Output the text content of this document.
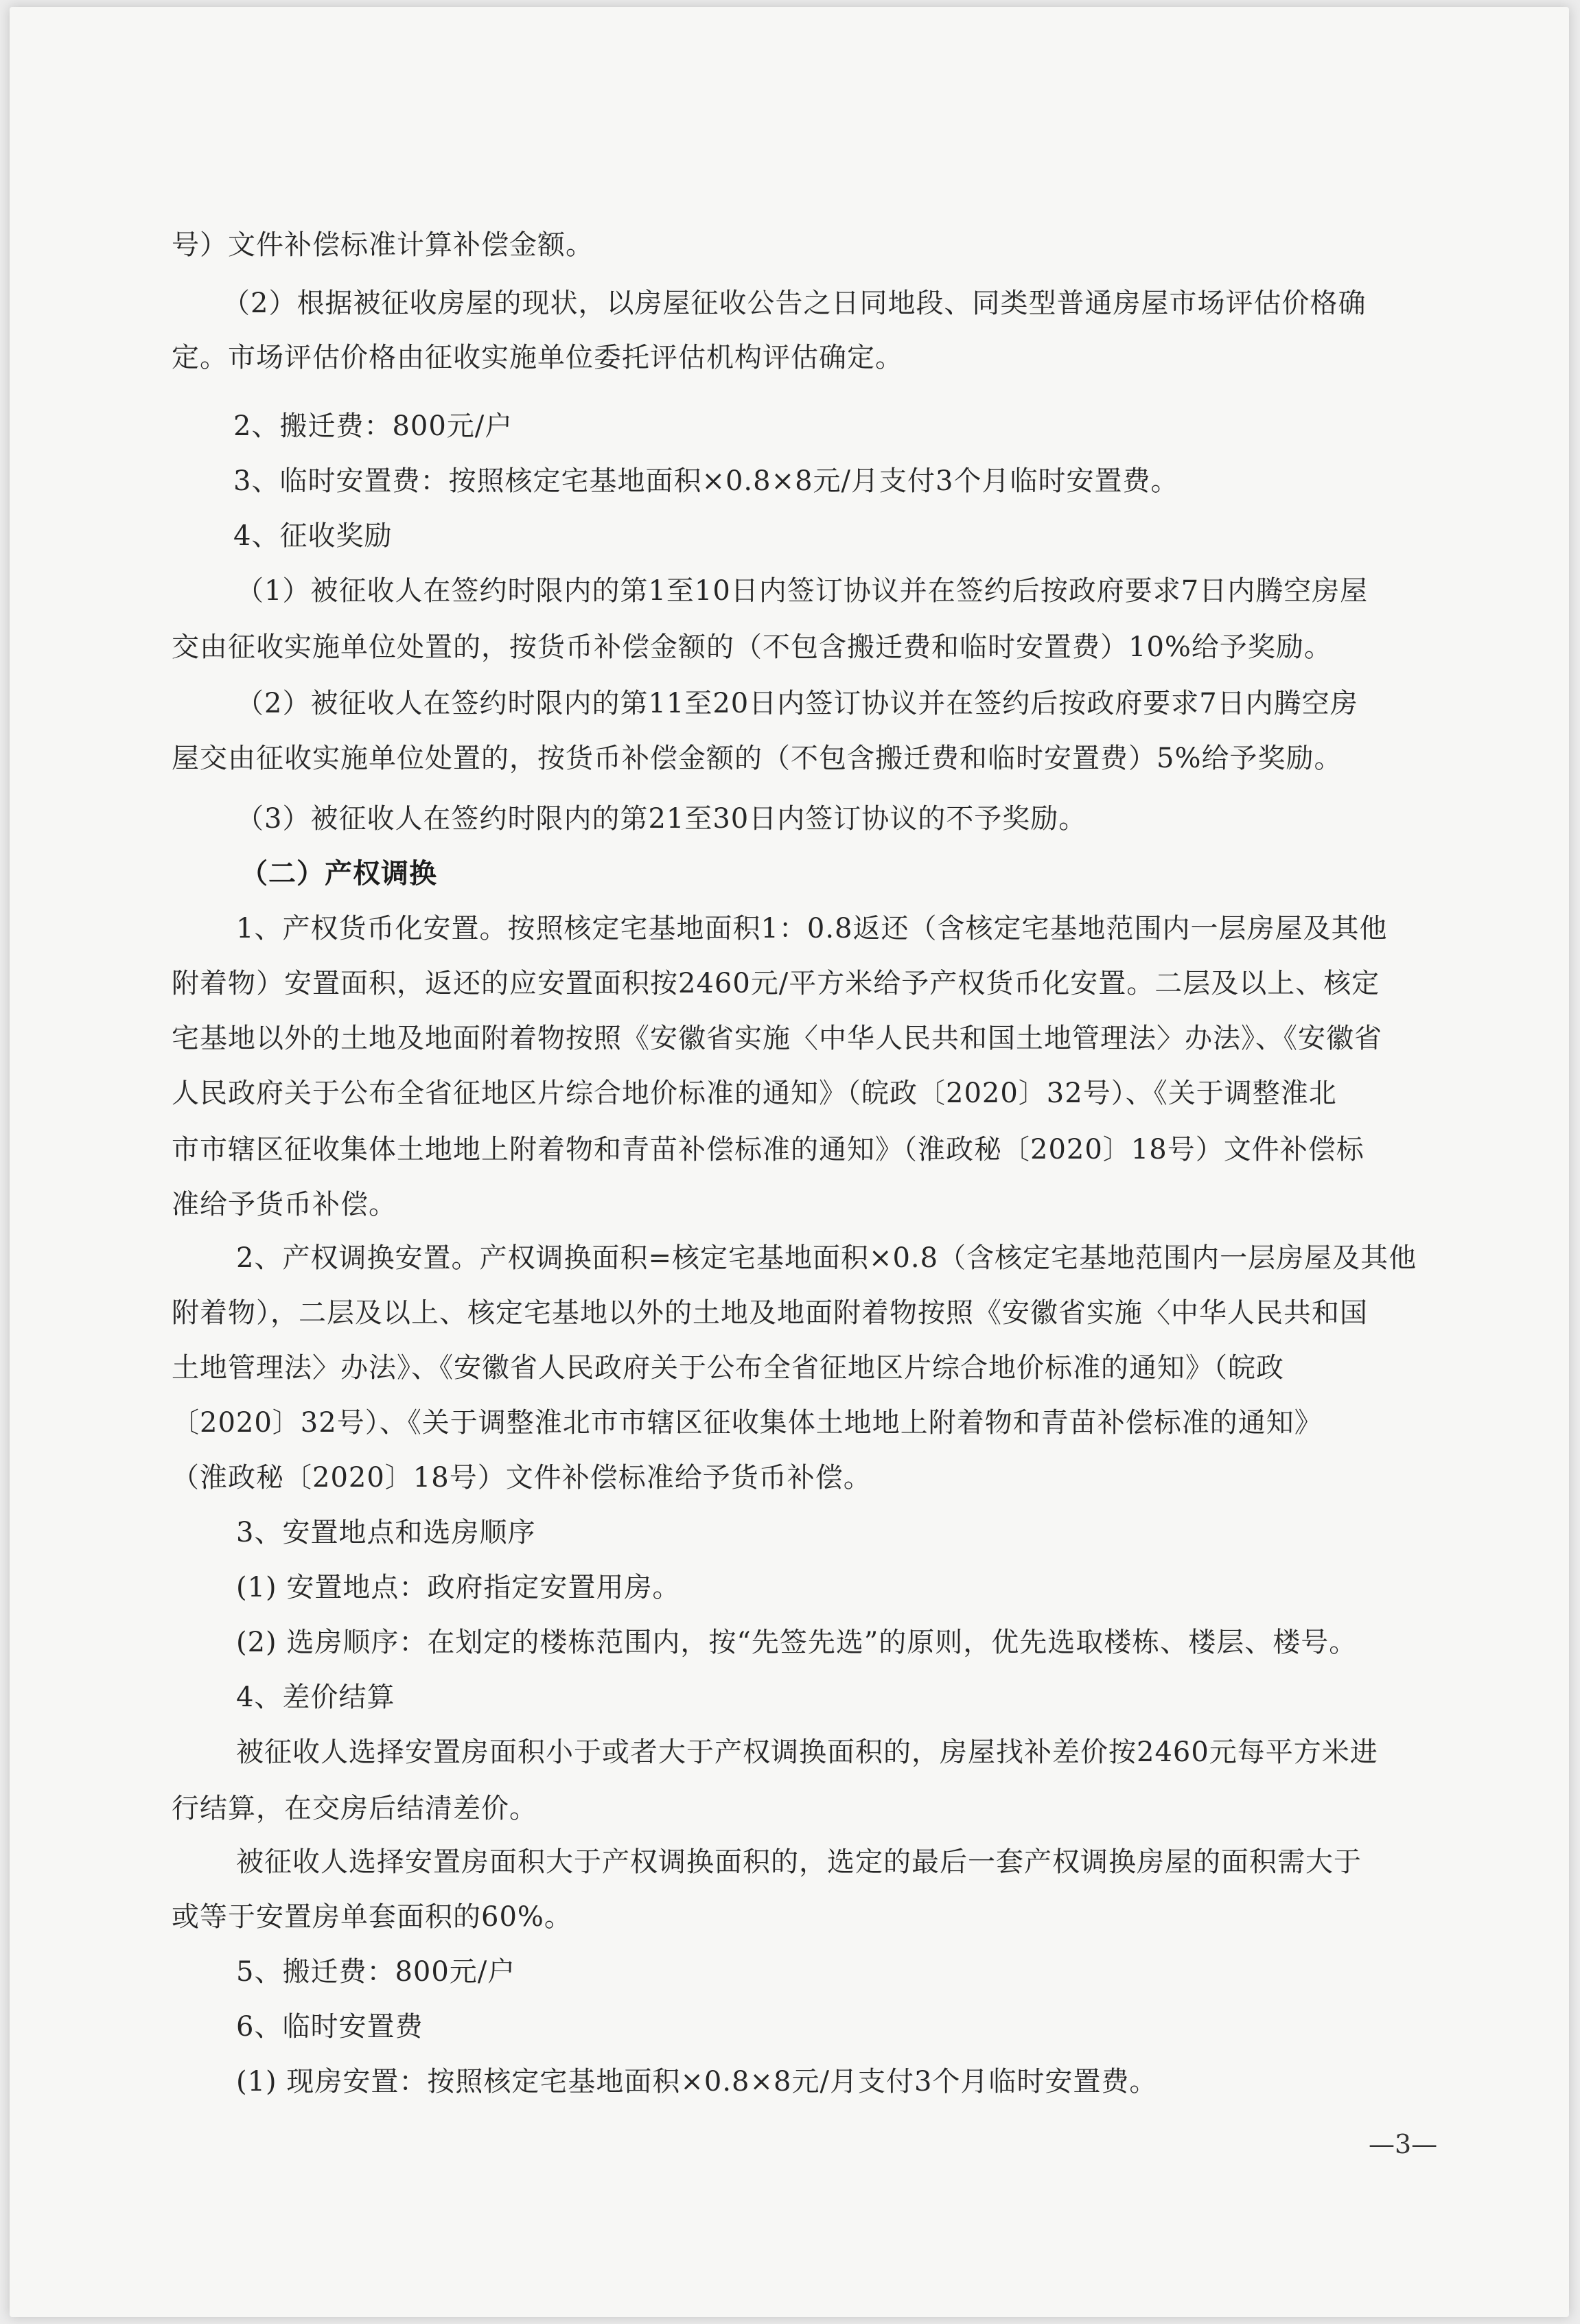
号）文件补偿标准计算补偿金额。
（2）根据被征收房屋的现状，以房屋征收公告之日同地段、同类型普通房屋市场评估价格确
定。市场评估价格由征收实施单位委托评估机构评估确定。
2、搬迁费：800元/户
3、临时安置费：按照核定宅基地面积×0.8×8元/月支付3个月临时安置费。
4、征收奖励
（1）被征收人在签约时限内的第1至10日内签订协议并在签约后按政府要求7日内腾空房屋
交由征收实施单位处置的，按货币补偿金额的（不包含搬迁费和临时安置费）10%给予奖励。
（2）被征收人在签约时限内的第11至20日内签订协议并在签约后按政府要求7日内腾空房
屋交由征收实施单位处置的，按货币补偿金额的（不包含搬迁费和临时安置费）5%给予奖励。
（3）被征收人在签约时限内的第21至30日内签订协议的不予奖励。
（二）产权调换
1、产权货币化安置。按照核定宅基地面积1：0.8返还（含核定宅基地范围内一层房屋及其他
附着物）安置面积，返还的应安置面积按2460元/平方米给予产权货币化安置。二层及以上、核定
宅基地以外的土地及地面附着物按照《安徽省实施〈中华人民共和国土地管理法〉办法》、《安徽省
人民政府关于公布全省征地区片综合地价标准的通知》（皖政〔2020〕32号）、《关于调整淮北
市市辖区征收集体土地地上附着物和青苗补偿标准的通知》（淮政秘〔2020〕18号）文件补偿标
准给予货币补偿。
2、产权调换安置。产权调换面积=核定宅基地面积×0.8（含核定宅基地范围内一层房屋及其他
附着物），二层及以上、核定宅基地以外的土地及地面附着物按照《安徽省实施〈中华人民共和国
土地管理法〉办法》、《安徽省人民政府关于公布全省征地区片综合地价标准的通知》（皖政
〔2020〕32号）、《关于调整淮北市市辖区征收集体土地地上附着物和青苗补偿标准的通知》
（淮政秘〔2020〕18号）文件补偿标准给予货币补偿。
3、安置地点和选房顺序
(1) 安置地点：政府指定安置用房。
(2) 选房顺序：在划定的楼栋范围内，按“先签先选”的原则，优先选取楼栋、楼层、楼号。
4、差价结算
被征收人选择安置房面积小于或者大于产权调换面积的，房屋找补差价按2460元每平方米进
行结算，在交房后结清差价。
被征收人选择安置房面积大于产权调换面积的，选定的最后一套产权调换房屋的面积需大于
或等于安置房单套面积的60%。
5、搬迁费：800元/户
6、临时安置费
(1) 现房安置：按照核定宅基地面积×0.8×8元/月支付3个月临时安置费。
—3—
